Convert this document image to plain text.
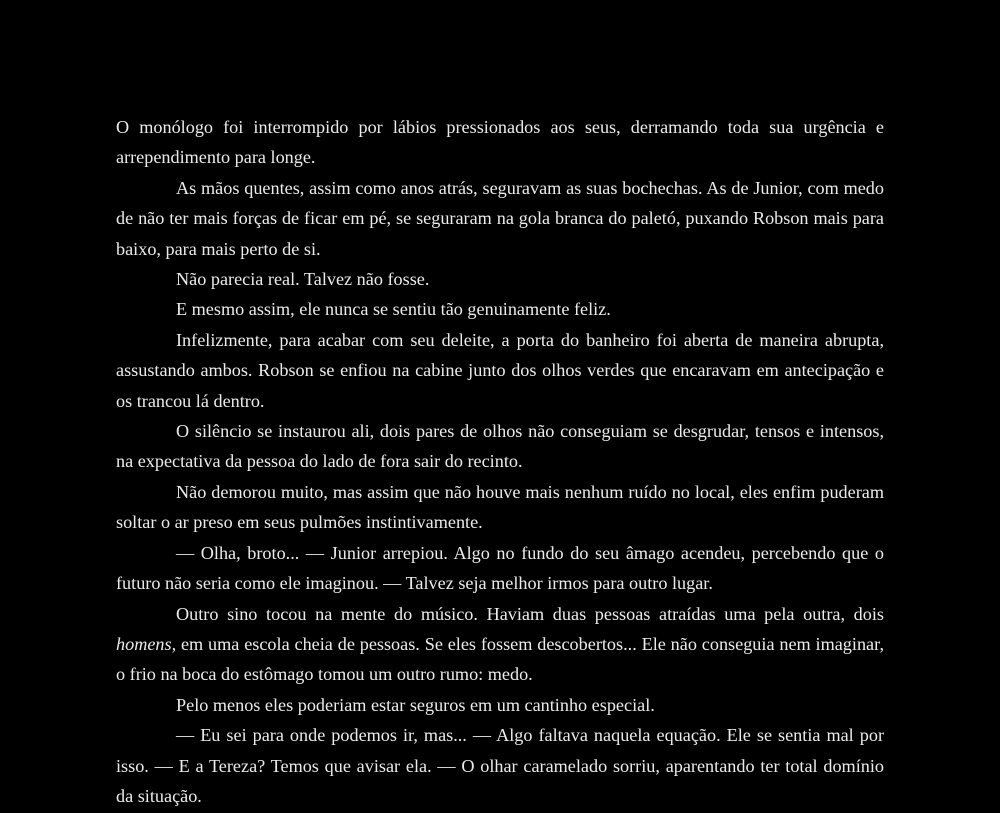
O monólogo foi interrompido por lábios pressionados aos seus, derramando toda sua urgência e arrependimento para longe.

As mãos quentes, assim como anos atrás, seguravam as suas bochechas. As de Junior, com medo de não ter mais forças de ficar em pé, se seguraram na gola branca do paletó, puxando Robson mais para baixo, para mais perto de si.

Não parecia real. Talvez não fosse.

E mesmo assim, ele nunca se sentiu tão genuinamente feliz.

Infelizmente, para acabar com seu deleite, a porta do banheiro foi aberta de maneira abrupta, assustando ambos. Robson se enfiou na cabine junto dos olhos verdes que encaravam em antecipação e os trancou lá dentro.

O silêncio se instaurou ali, dois pares de olhos não conseguiam se desgrudar, tensos e intensos, na expectativa da pessoa do lado de fora sair do recinto.

Não demorou muito, mas assim que não houve mais nenhum ruído no local, eles enfim puderam soltar o ar preso em seus pulmões instintivamente.

— Olha, broto... — Junior arrepiou. Algo no fundo do seu âmago acendeu, percebendo que o futuro não seria como ele imaginou. — Talvez seja melhor irmos para outro lugar.

Outro sino tocou na mente do músico. Haviam duas pessoas atraídas uma pela outra, dois homens, em uma escola cheia de pessoas. Se eles fossem descobertos... Ele não conseguia nem imaginar, o frio na boca do estômago tomou um outro rumo: medo.

Pelo menos eles poderiam estar seguros em um cantinho especial.

— Eu sei para onde podemos ir, mas... — Algo faltava naquela equação. Ele se sentia mal por isso. — E a Tereza? Temos que avisar ela. — O olhar caramelado sorriu, aparentando ter total domínio da situação.
